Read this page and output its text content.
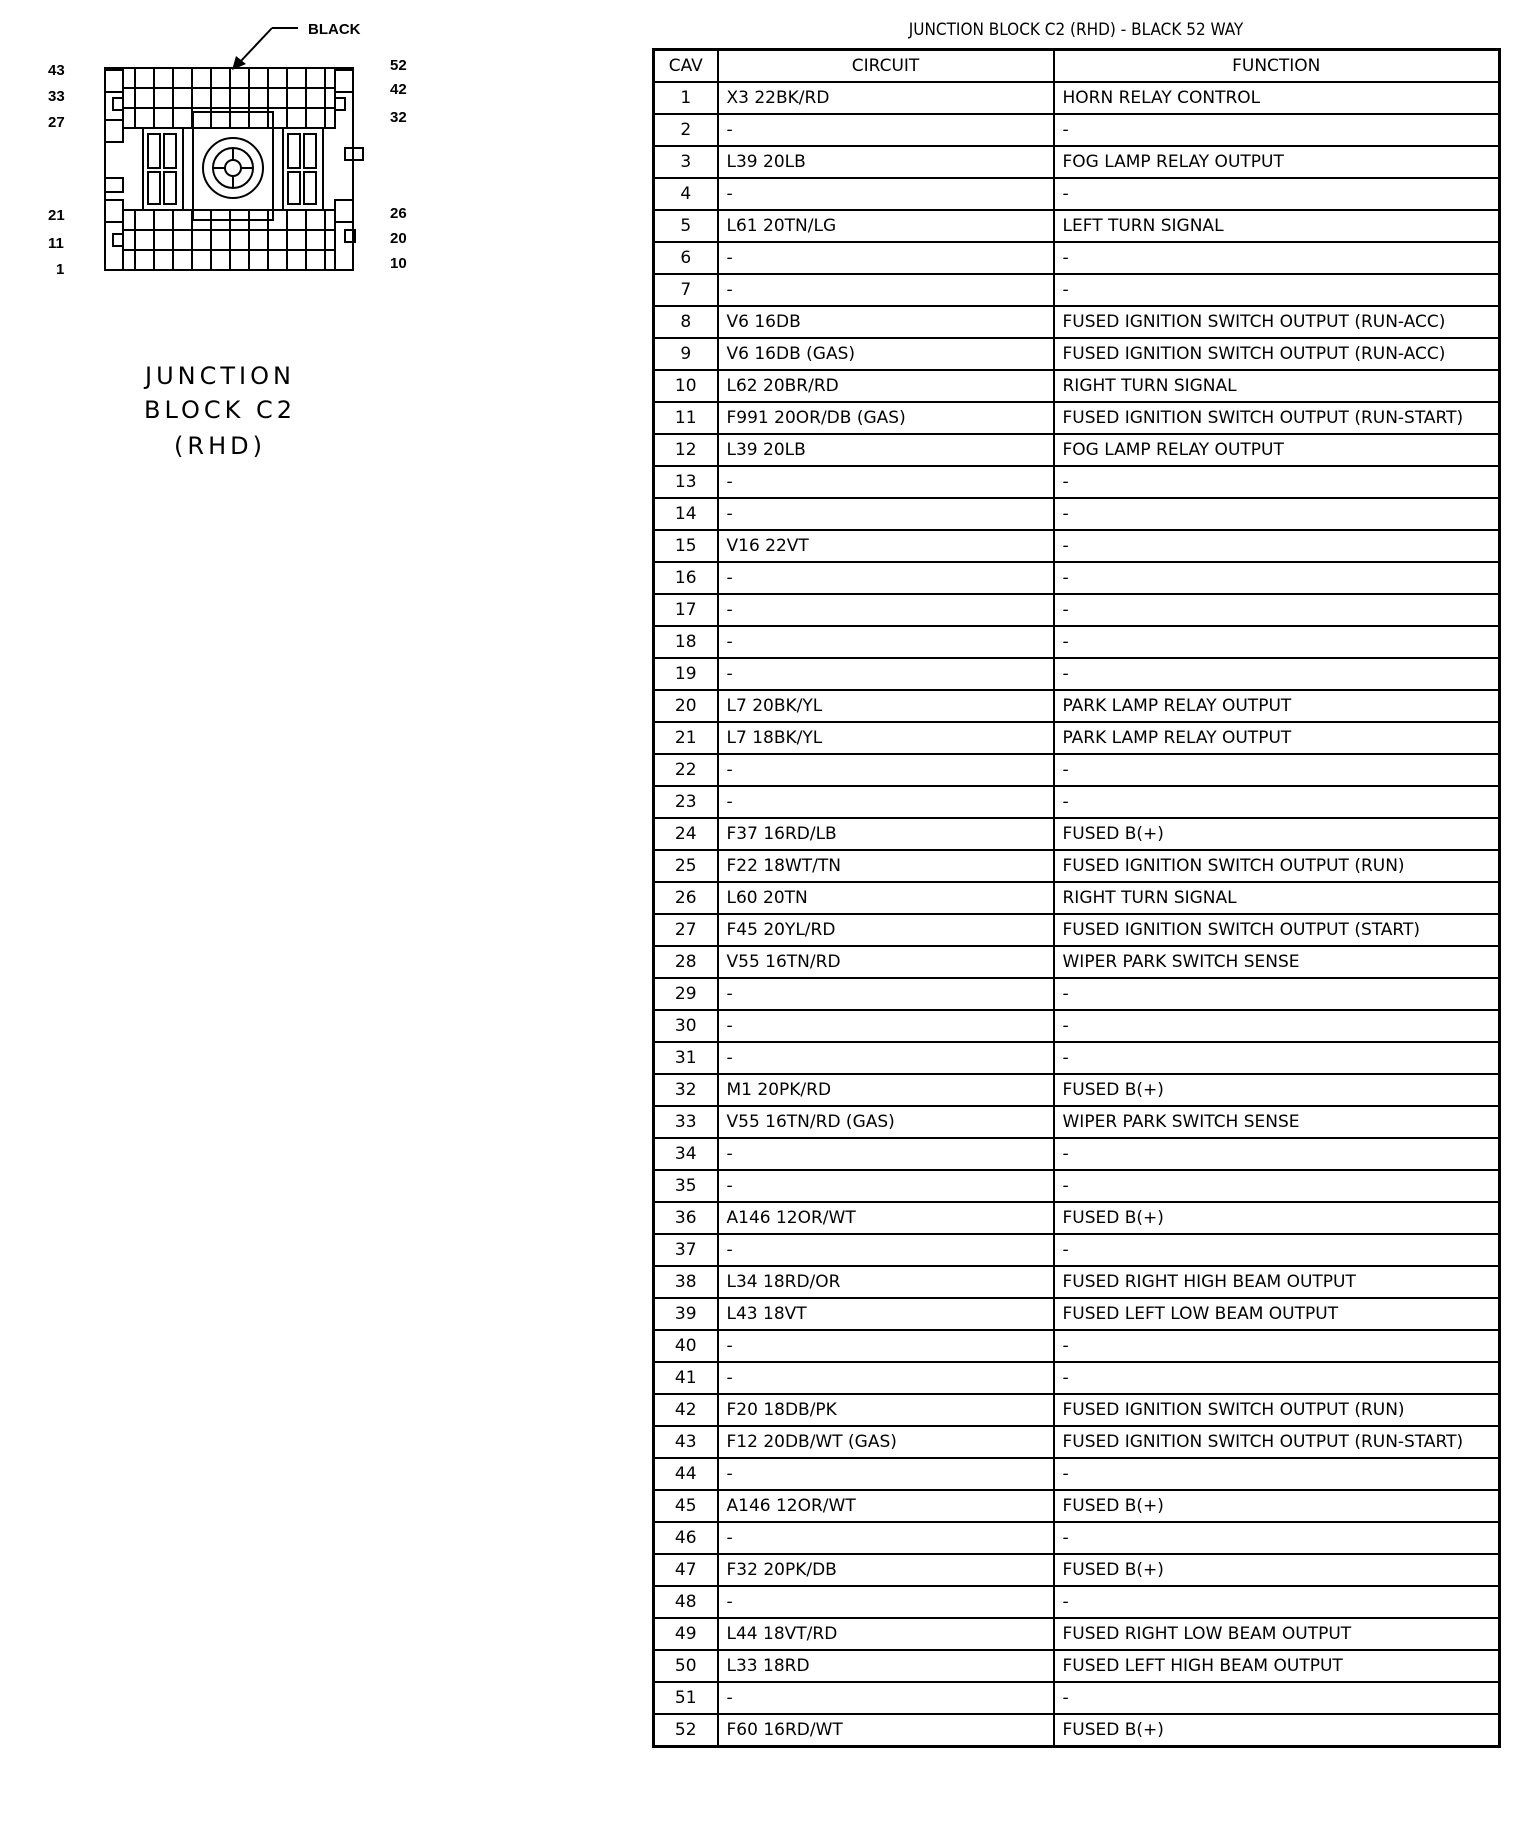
BLACK
43
33
27
21
11
1
52
42
32
26
20
10
JUNCTION
BLOCK C2
(RHD)
JUNCTION BLOCK C2 (RHD) - BLACK 52 WAY
CAV	CIRCUIT	FUNCTION
1	X3 22BK/RD	HORN RELAY CONTROL
2	-	-
3	L39 20LB	FOG LAMP RELAY OUTPUT
4	-	-
5	L61 20TN/LG	LEFT TURN SIGNAL
6	-	-
7	-	-
8	V6 16DB	FUSED IGNITION SWITCH OUTPUT (RUN-ACC)
9	V6 16DB (GAS)	FUSED IGNITION SWITCH OUTPUT (RUN-ACC)
10	L62 20BR/RD	RIGHT TURN SIGNAL
11	F991 20OR/DB (GAS)	FUSED IGNITION SWITCH OUTPUT (RUN-START)
12	L39 20LB	FOG LAMP RELAY OUTPUT
13	-	-
14	-	-
15	V16 22VT	-
16	-	-
17	-	-
18	-	-
19	-	-
20	L7 20BK/YL	PARK LAMP RELAY OUTPUT
21	L7 18BK/YL	PARK LAMP RELAY OUTPUT
22	-	-
23	-	-
24	F37 16RD/LB	FUSED B(+)
25	F22 18WT/TN	FUSED IGNITION SWITCH OUTPUT (RUN)
26	L60 20TN	RIGHT TURN SIGNAL
27	F45 20YL/RD	FUSED IGNITION SWITCH OUTPUT (START)
28	V55 16TN/RD	WIPER PARK SWITCH SENSE
29	-	-
30	-	-
31	-	-
32	M1 20PK/RD	FUSED B(+)
33	V55 16TN/RD (GAS)	WIPER PARK SWITCH SENSE
34	-	-
35	-	-
36	A146 12OR/WT	FUSED B(+)
37	-	-
38	L34 18RD/OR	FUSED RIGHT HIGH BEAM OUTPUT
39	L43 18VT	FUSED LEFT LOW BEAM OUTPUT
40	-	-
41	-	-
42	F20 18DB/PK	FUSED IGNITION SWITCH OUTPUT (RUN)
43	F12 20DB/WT (GAS)	FUSED IGNITION SWITCH OUTPUT (RUN-START)
44	-	-
45	A146 12OR/WT	FUSED B(+)
46	-	-
47	F32 20PK/DB	FUSED B(+)
48	-	-
49	L44 18VT/RD	FUSED RIGHT LOW BEAM OUTPUT
50	L33 18RD	FUSED LEFT HIGH BEAM OUTPUT
51	-	-
52	F60 16RD/WT	FUSED B(+)
